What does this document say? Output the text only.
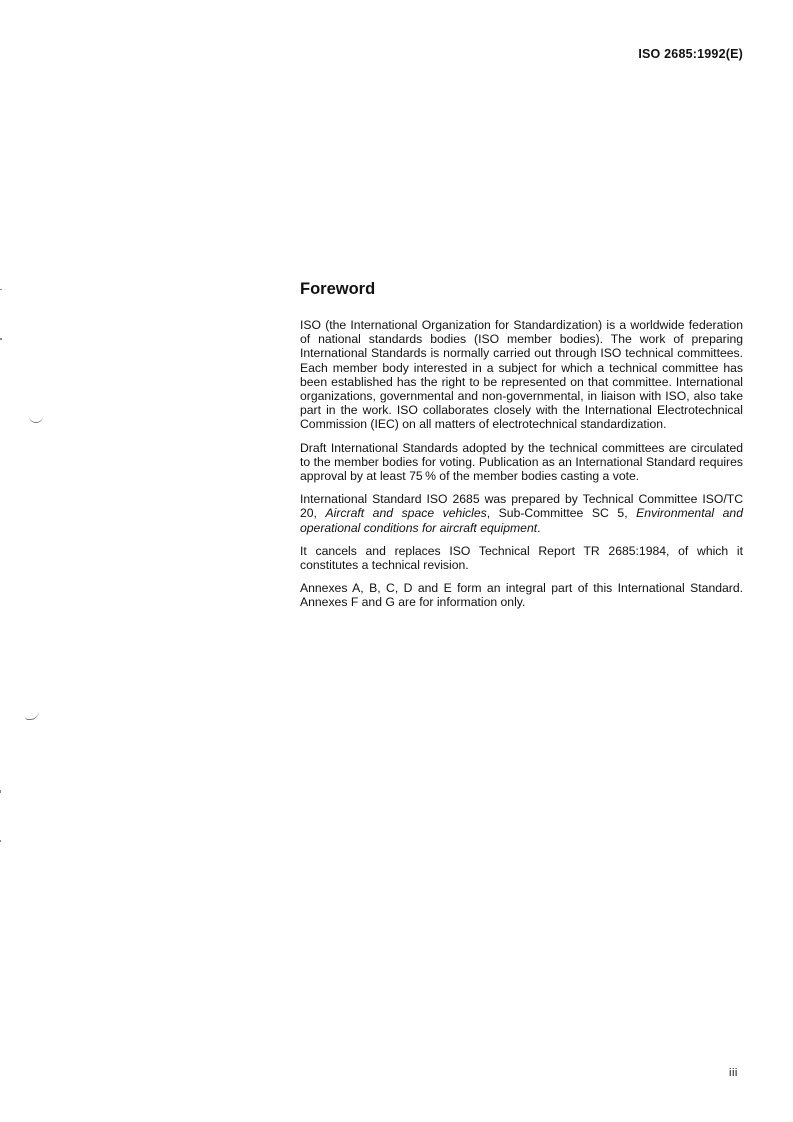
ISO 2685:1992(E)
Foreword

ISO (the International Organization for Standardization) is a worldwide federation of national standards bodies (ISO member bodies). The work of preparing International Standards is normally carried out through ISO technical committees. Each member body interested in a subject for which a technical committee has been established has the right to be represented on that committee. International organizations, governmental and non-governmental, in liaison with ISO, also take part in the work. ISO collaborates closely with the International Electrotechnical Commission (IEC) on all matters of electrotechnical standardization.

Draft International Standards adopted by the technical committees are circulated to the member bodies for voting. Publication as an International Standard requires approval by at least 75 % of the member bodies casting a vote.

International Standard ISO 2685 was prepared by Technical Committee ISO/TC 20, Aircraft and space vehicles, Sub-Committee SC 5, Environmental and operational conditions for aircraft equipment.

It cancels and replaces ISO Technical Report TR 2685:1984, of which it constitutes a technical revision.

Annexes A, B, C, D and E form an integral part of this International Standard. Annexes F and G are for information only.

iii
